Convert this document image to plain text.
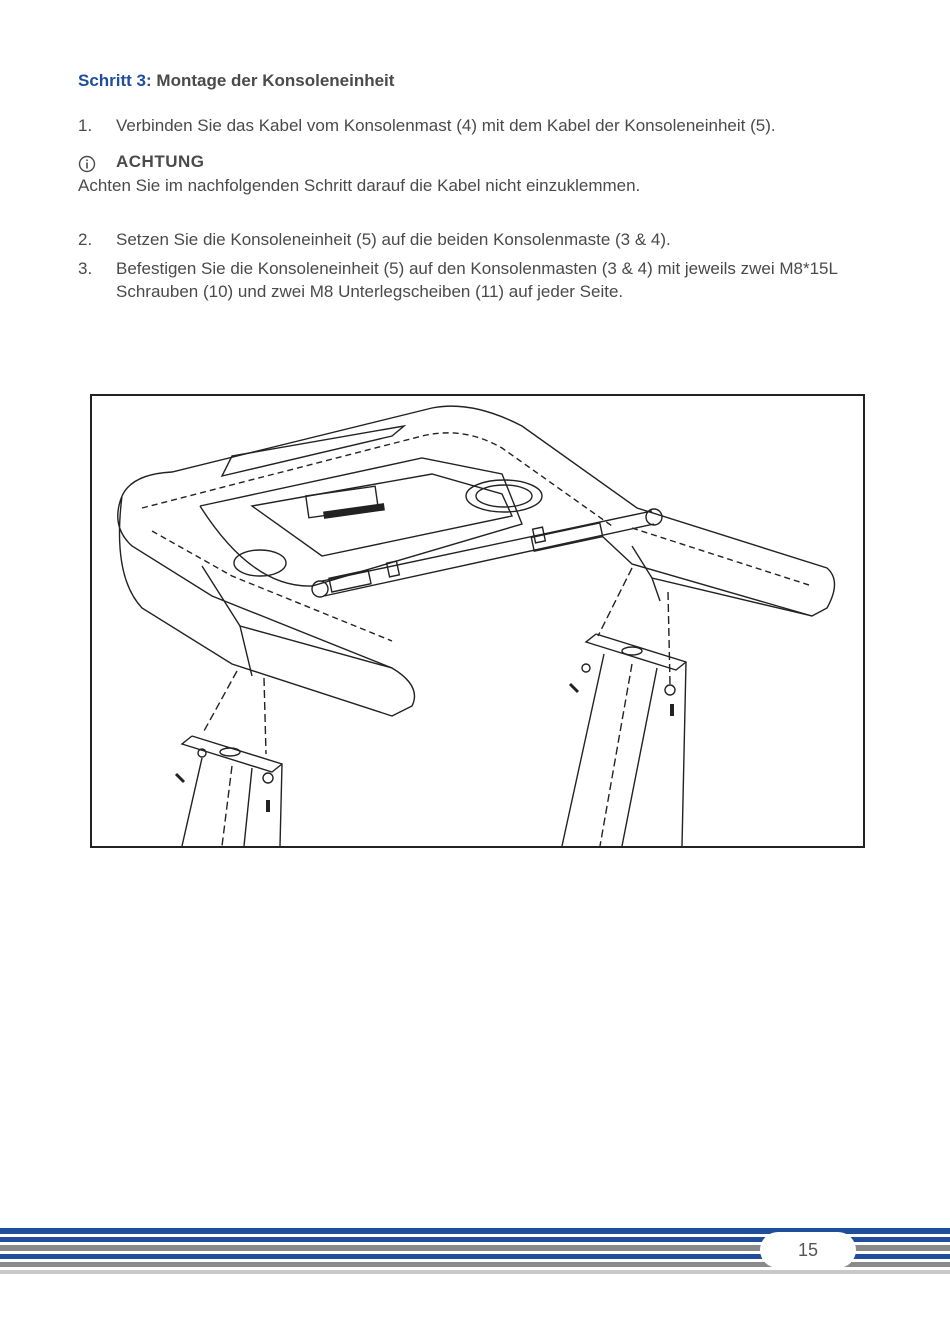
Schritt 3: Montage der Konsoleneinheit
1.	Verbinden Sie das Kabel vom Konsolenmast (4) mit dem Kabel der Konsoleneinheit (5).
ACHTUNG
Achten Sie im nachfolgenden Schritt darauf die Kabel nicht einzuklemmen.
2.	Setzen Sie die Konsoleneinheit (5) auf die beiden Konsolenmaste (3 & 4).
3.	Befestigen Sie die Konsoleneinheit (5) auf den Konsolenmasten (3 & 4) mit jeweils zwei M8*15L Schrauben (10) und zwei M8 Unterlegscheiben (11) auf jeder Seite.
15
